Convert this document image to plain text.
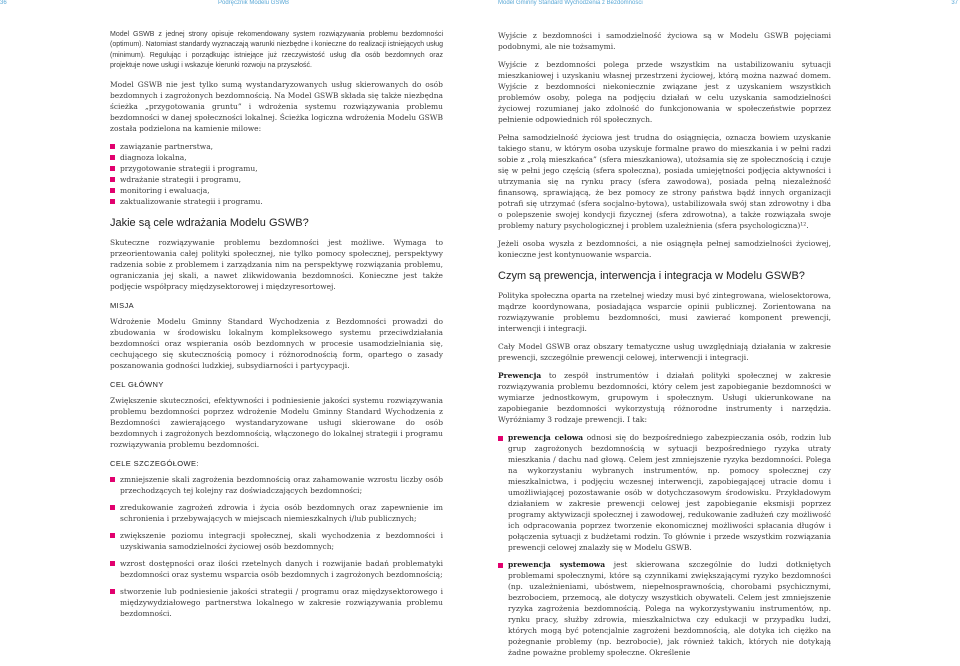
36	Podręcznik Modelu GSWB	Model Gminny Standard Wychodzenia z Bezdomności	37

Model GSWB z jednej strony opisuje rekomendowany system rozwiązywania problemu bezdomności (optimum). Natomiast standardy wyznaczają warunki niezbędne i konieczne do realizacji istniejących usług (minimum). Regulując i porządkując istniejące już rzeczywistość usług dla osób bezdomnych oraz projektuje nowe usługi i wskazuje kierunki rozwoju na przyszłość.

Model GSWB nie jest tylko sumą wystandaryzowanych usług skierowanych do osób bezdomnych i zagrożonych bezdomnością. Na Model GSWB składa się także niezbędna ścieżka „przygotowania gruntu” i wdrożenia systemu rozwiązywania problemu bezdomności w danej społeczności lokalnej. Ścieżka logiczna wdrożenia Modelu GSWB została podzielona na kamienie milowe:

zawiązanie partnerstwa,
diagnoza lokalna,
przygotowanie strategii i programu,
wdrażanie strategii i programu,
monitoring i ewaluacja,
zaktualizowanie strategii i programu.
Jakie są cele wdrażania Modelu GSWB?

Skuteczne rozwiązywanie problemu bezdomności jest możliwe. Wymaga to przeorientowania całej polityki społecznej, nie tylko pomocy społecznej, perspektywy radzenia sobie z problemem i zarządzania nim na perspektywę rozwiązania problemu, ograniczania jej skali, a nawet zlikwidowania bezdomności. Konieczne jest także podjęcie współpracy międzysektorowej i międzyresortowej.

MISJA

Wdrożenie Modelu Gminny Standard Wychodzenia z Bezdomności prowadzi do zbudowania w środowisku lokalnym kompleksowego systemu przeciwdziałania bezdomności oraz wspierania osób bezdomnych w procesie usamodzielniania się, cechującego się skutecznością pomocy i różnorodnością form, opartego o zasady poszanowania godności ludzkiej, subsydiarności i partycypacji.

CEL GŁÓWNY

Zwiększenie skuteczności, efektywności i podniesienie jakości systemu rozwiązywania problemu bezdomności poprzez wdrożenie Modelu Gminny Standard Wychodzenia z Bezdomności zawierającego wystandaryzowane usługi skierowane do osób bezdomnych i zagrożonych bezdomnością, włączonego do lokalnej strategii i programu rozwiązywania problemu bezdomności.

CELE SZCZEGÓŁOWE:
zmniejszenie skali zagrożenia bezdomnością oraz zahamowanie wzrostu liczby osób przechodzących tej kolejny raz doświadczających bezdomności;
zredukowanie zagrożeń zdrowia i życia osób bezdomnych oraz zapewnienie im schronienia i przebywających w miejscach niemieszkalnych i/lub publicznych;
zwiększenie poziomu integracji społecznej, skali wychodzenia z bezdomności i uzyskiwania samodzielności życiowej osób bezdomnych;
wzrost dostępności oraz ilości rzetelnych danych i rozwijanie badań problematyki bezdomności oraz systemu wsparcia osób bezdomnych i zagrożonych bezdomnością;
stworzenie lub podniesienie jakości strategii / programu oraz międzysektorowego i międzywydziałowego partnerstwa lokalnego w zakresie rozwiązywania problemu bezdomności.

Wyjście z bezdomności i samodzielność życiowa są w Modelu GSWB pojęciami podobnymi, ale nie tożsamymi.

Wyjście z bezdomności polega przede wszystkim na ustabilizowaniu sytuacji mieszkaniowej i uzyskaniu własnej przestrzeni życiowej, którą można nazwać domem. Wyjście z bezdomności niekoniecznie związane jest z uzyskaniem wszystkich problemów osoby, polega na podjęciu działań w celu uzyskania samodzielności życiowej rozumianej jako zdolność do funkcjonowania w społeczeństwie poprzez pełnienie odpowiednich ról społecznych.

Pełna samodzielność życiowa jest trudna do osiągnięcia, oznacza bowiem uzyskanie takiego stanu, w którym osoba uzyskuje formalne prawo do mieszkania i w pełni radzi sobie z „rolą mieszkańca” (sfera mieszkaniowa), utożsamia się ze społecznością i czuje się w pełni jego częścią (sfera społeczna), posiada umiejętności podjęcia aktywności i utrzymania się na rynku pracy (sfera zawodowa), posiada pełną niezależność finansową, sprawiającą, że bez pomocy ze strony państwa bądź innych organizacji potrafi się utrzymać (sfera socjalno-bytowa), ustabilizowała swój stan zdrowotny i dba o polepszenie swojej kondycji fizycznej (sfera zdrowotna), a także rozwiązała swoje problemy natury psychologicznej i problem uzależnienia (sfera psychologiczna)¹².

Jeżeli osoba wyszła z bezdomności, a nie osiągnęła pełnej samodzielności życiowej, konieczne jest kontynuowanie wsparcia.

Czym są prewencja, interwencja i integracja w Modelu GSWB?

Polityka społeczna oparta na rzetelnej wiedzy musi być zintegrowana, wielosektorowa, mądrze koordynowana, posiadająca wsparcie opinii publicznej. Zorientowana na rozwiązywanie problemu bezdomności, musi zawierać komponent prewencji, interwencji i integracji.

Cały Model GSWB oraz obszary tematyczne usług uwzględniają działania w zakresie prewencji, szczególnie prewencji celowej, interwencji i integracji.

Prewencja to zespół instrumentów i działań polityki społecznej w zakresie rozwiązywania problemu bezdomności, który celem jest zapobieganie bezdomności w wymiarze jednostkowym, grupowym i społecznym. Usługi ukierunkowane na zapobieganie bezdomności wykorzystują różnorodne instrumenty i narzędzia. Wyróżniamy 3 rodzaje prewencji. I tak:

prewencja celowa odnosi się do bezpośredniego zabezpieczania osób, rodzin lub grup zagrożonych bezdomnością w sytuacji bezpośredniego ryzyka utraty mieszkania / dachu nad głową. Celem jest zmniejszenie ryzyka bezdomności. Polega na wykorzystaniu wybranych instrumentów, np. pomocy społecznej czy mieszkalnictwa, i podjęciu wczesnej interwencji, zapobiegającej utracie domu i umożliwiającej pozostawanie osób w dotychczasowym środowisku. Przykładowym działaniem w zakresie prewencji celowej jest zapobieganie eksmisji poprzez programy aktywizacji społecznej i zawodowej, redukowanie zadłużeń czy możliwość ich odpracowania poprzez tworzenie ekonomicznej możliwości spłacania długów i połączenia sytuacji z budżetami rodzin. To głównie i przede wszystkim rozwiązania prewencji celowej znalazły się w Modelu GSWB.
prewencja systemowa jest skierowana szczególnie do ludzi dotkniętych problemami społecznymi, które są czynnikami zwiększającymi ryzyko bezdomności (np. uzależnieniami, ubóstwem, niepełnosprawnością, chorobami psychicznymi, bezrobociem, przemocą, ale dotyczy wszystkich obywateli. Celem jest zmniejszenie ryzyka zagrożenia bezdomnością. Polega na wykorzystywaniu instrumentów, np. rynku pracy, służby zdrowia, mieszkalnictwa czy edukacji w przypadku ludzi, których mogą być potencjalnie zagrożeni bezdomnością, ale dotyka ich ciężko na pożegnanie problemy (np. bezrobocie), jak również takich, których nie dotykają żadne poważne problemy społeczne. Określenie
